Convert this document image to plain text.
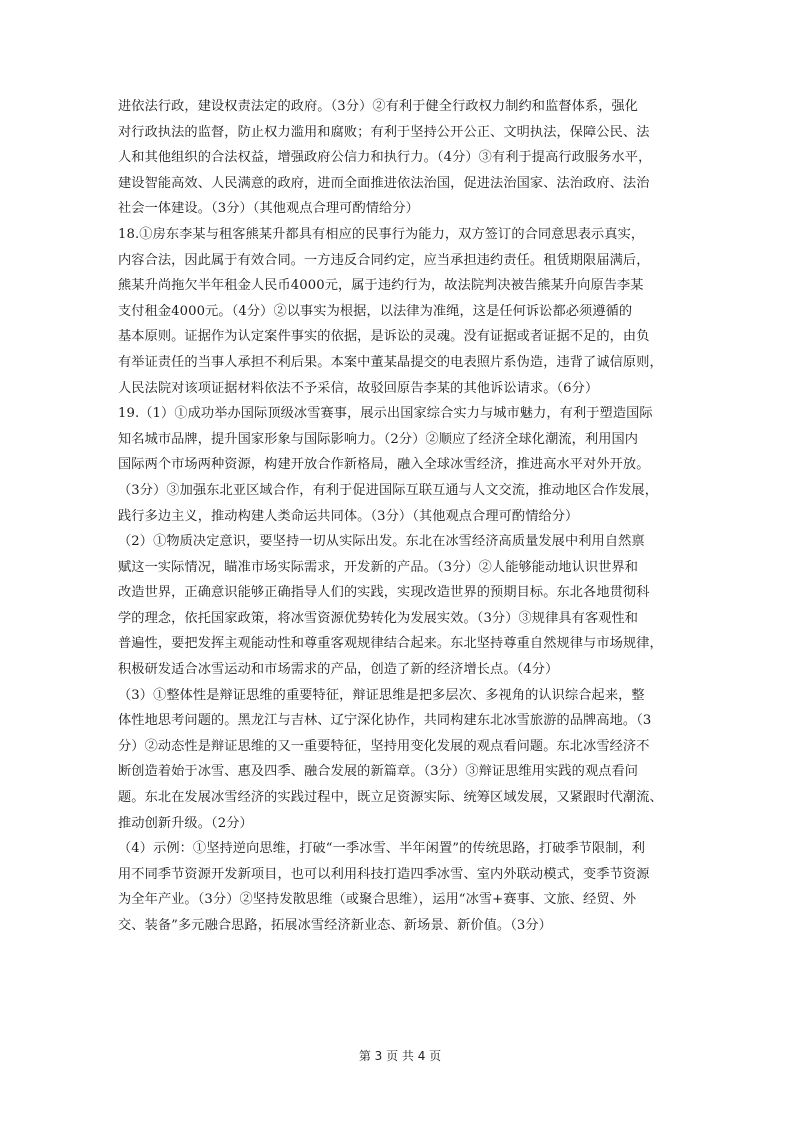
进依法行政，建设权责法定的政府。（3分）②有利于健全行政权力制约和监督体系，强化
对行政执法的监督，防止权力滥用和腐败；有利于坚持公开公正、文明执法，保障公民、法
人和其他组织的合法权益，增强政府公信力和执行力。（4分）③有利于提高行政服务水平，
建设智能高效、人民满意的政府，进而全面推进依法治国，促进法治国家、法治政府、法治
社会一体建设。（3分）（其他观点合理可酌情给分）
18.①房东李某与租客熊某升都具有相应的民事行为能力，双方签订的合同意思表示真实，
内容合法，因此属于有效合同。一方违反合同约定，应当承担违约责任。租赁期限届满后，
熊某升尚拖欠半年租金人民币4000元，属于违约行为，故法院判决被告熊某升向原告李某
支付租金4000元。（4分）②以事实为根据，以法律为准绳，这是任何诉讼都必须遵循的
基本原则。证据作为认定案件事实的依据，是诉讼的灵魂。没有证据或者证据不足的，由负
有举证责任的当事人承担不利后果。本案中董某晶提交的电表照片系伪造，违背了诚信原则，
人民法院对该项证据材料依法不予采信，故驳回原告李某的其他诉讼请求。（6分）
19.（1）①成功举办国际顶级冰雪赛事，展示出国家综合实力与城市魅力，有利于塑造国际
知名城市品牌，提升国家形象与国际影响力。（2分）②顺应了经济全球化潮流，利用国内
国际两个市场两种资源，构建开放合作新格局，融入全球冰雪经济，推进高水平对外开放。
（3分）③加强东北亚区域合作，有利于促进国际互联互通与人文交流，推动地区合作发展，
践行多边主义，推动构建人类命运共同体。（3分）（其他观点合理可酌情给分）
（2）①物质决定意识，要坚持一切从实际出发。东北在冰雪经济高质量发展中利用自然禀
赋这一实际情况，瞄准市场实际需求，开发新的产品。（3分）②人能够能动地认识世界和
改造世界，正确意识能够正确指导人们的实践，实现改造世界的预期目标。东北各地贯彻科
学的理念，依托国家政策，将冰雪资源优势转化为发展实效。（3分）③规律具有客观性和
普遍性，要把发挥主观能动性和尊重客观规律结合起来。东北坚持尊重自然规律与市场规律，
积极研发适合冰雪运动和市场需求的产品，创造了新的经济增长点。（4分）
（3）①整体性是辩证思维的重要特征，辩证思维是把多层次、多视角的认识综合起来，整
体性地思考问题的。黑龙江与吉林、辽宁深化协作，共同构建东北冰雪旅游的品牌高地。（3
分）②动态性是辩证思维的又一重要特征，坚持用变化发展的观点看问题。东北冰雪经济不
断创造着始于冰雪、惠及四季、融合发展的新篇章。（3分）③辩证思维用实践的观点看问
题。东北在发展冰雪经济的实践过程中，既立足资源实际、统筹区域发展，又紧跟时代潮流、
推动创新升级。（2分）
（4）示例：①坚持逆向思维，打破“一季冰雪、半年闲置”的传统思路，打破季节限制，利
用不同季节资源开发新项目，也可以利用科技打造四季冰雪、室内外联动模式，变季节资源
为全年产业。（3分）②坚持发散思维（或聚合思维），运用“冰雪+赛事、文旅、经贸、外
交、装备”多元融合思路，拓展冰雪经济新业态、新场景、新价值。（3分）
第 3 页 共 4 页
